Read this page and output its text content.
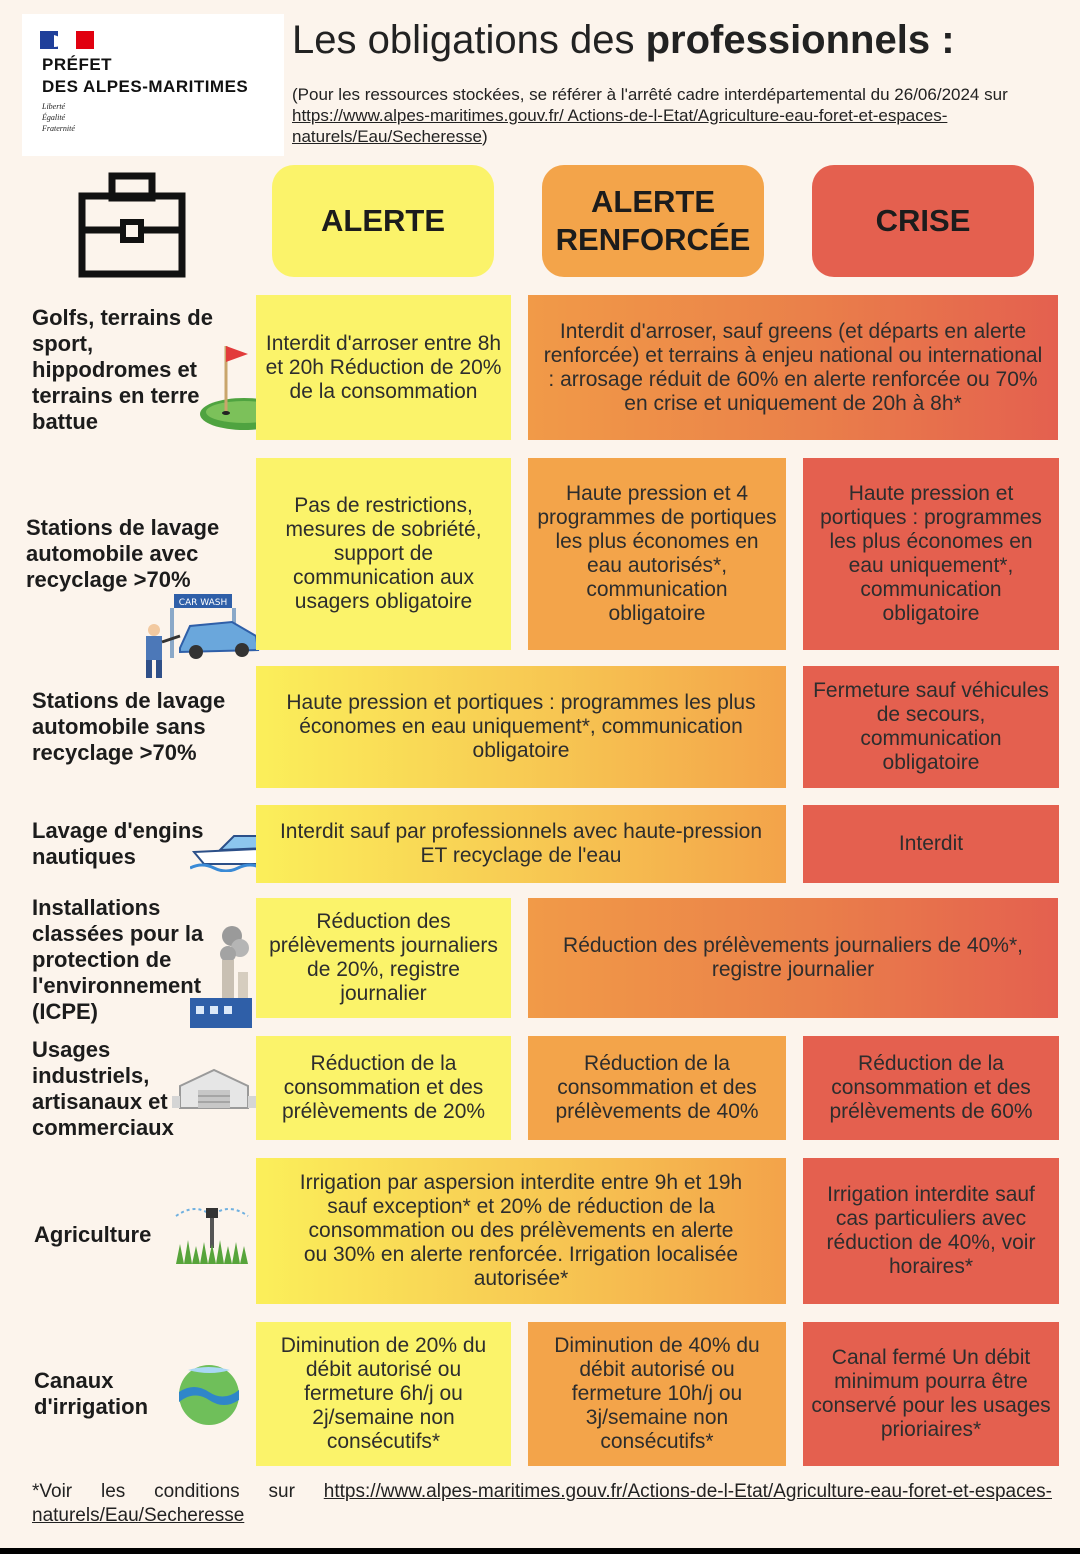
PRÉFET
DES ALPES-MARITIMES
Liberté
Égalité
Fraternité
Les obligations des professionnels :
(Pour les ressources stockées, se référer à l'arrêté cadre interdépartemental du 26/06/2024 sur https://www.alpes-maritimes.gouv.fr/ Actions-de-l-Etat/Agriculture-eau-foret-et-espaces-naturels/Eau/Secheresse)
ALERTE
ALERTE
RENFORCÉE
CRISE
Golfs, terrains de sport, hippodromes et terrains en terre battue
Interdit d'arroser entre 8h et 20h Réduction de 20% de la consommation
Interdit d'arroser, sauf greens (et départs en alerte renforcée) et terrains à enjeu national ou international : arrosage réduit de 60% en alerte renforcée ou 70% en crise et uniquement de 20h à 8h*
Stations de lavage automobile avec recyclage >70%
CAR WASH
Pas de restrictions, mesures de sobriété, support de communication aux usagers obligatoire
Haute pression et 4 programmes de portiques les plus économes en eau autorisés*, communication obligatoire
Haute pression et portiques : programmes les plus économes en eau uniquement*, communication obligatoire
Stations de lavage automobile sans recyclage >70%
Haute pression et portiques : programmes les plus économes en eau uniquement*, communication obligatoire
Fermeture sauf véhicules de secours, communication obligatoire
Lavage d'engins nautiques
Interdit sauf par professionnels avec haute-pression ET recyclage de l'eau
Interdit
Installations classées pour la protection de l'environnement (ICPE)
Réduction des prélèvements journaliers de 20%, registre journalier
Réduction des prélèvements journaliers de 40%*, registre journalier
Usages industriels, artisanaux et commerciaux
Réduction de la consommation et des prélèvements de 20%
Réduction de la consommation et des prélèvements de 40%
Réduction de la consommation et des prélèvements de 60%
Agriculture
Irrigation par aspersion interdite entre 9h et 19h sauf exception* et 20% de réduction de la consommation ou des prélèvements en alerte ou 30% en alerte renforcée. Irrigation localisée autorisée*
Irrigation interdite sauf cas particuliers avec réduction de 40%, voir horaires*
Canaux d'irrigation
Diminution de 20% du débit autorisé ou fermeture 6h/j ou 2j/semaine non consécutifs*
Diminution de 40% du débit autorisé ou fermeture 10h/j ou 3j/semaine non consécutifs*
Canal fermé Un débit minimum pourra être conservé pour les usages prioriaires*
*Voir les conditions sur https://www.alpes-maritimes.gouv.fr/Actions-de-l-Etat/Agriculture-eau-foret-et-espaces-naturels/Eau/Secheresse
